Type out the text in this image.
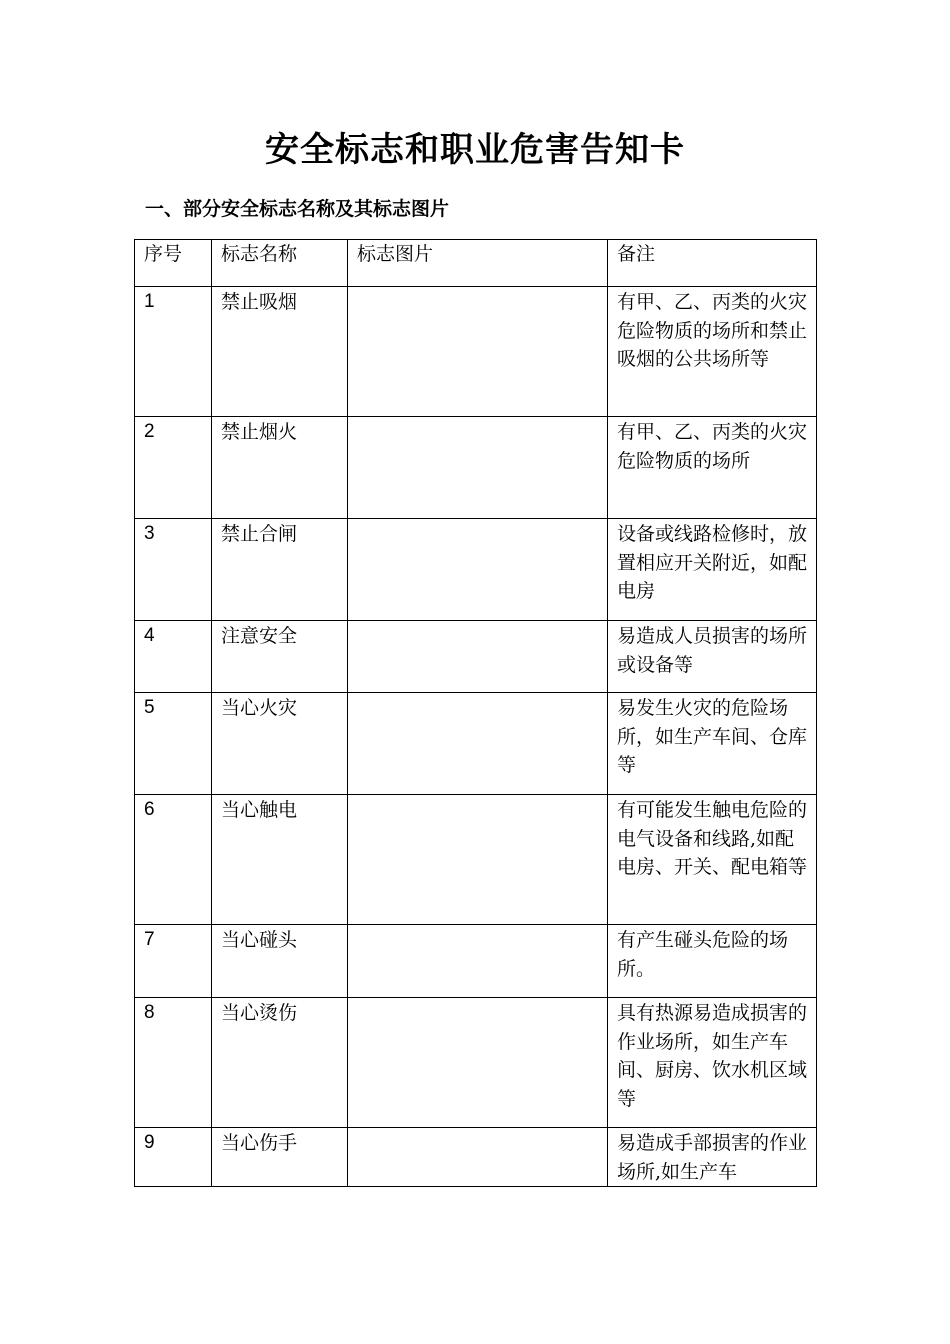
安全标志和职业危害告知卡
一、部分安全标志名称及其标志图片
序号	标志名称	标志图片	备注
1	禁止吸烟		有甲、乙、丙类的火灾危险物质的场所和禁止吸烟的公共场所等
2	禁止烟火		有甲、乙、丙类的火灾危险物质的场所
3	禁止合闸		设备或线路检修时，放置相应开关附近，如配电房
4	注意安全		易造成人员损害的场所或设备等
5	当心火灾		易发生火灾的危险场所，如生产车间、仓库等
6	当心触电		有可能发生触电危险的电气设备和线路,如配电房、开关、配电箱等
7	当心碰头		有产生碰头危险的场所。
8	当心烫伤		具有热源易造成损害的作业场所，如生产车间、厨房、饮水机区域等
9	当心伤手		易造成手部损害的作业场所,如生产车
